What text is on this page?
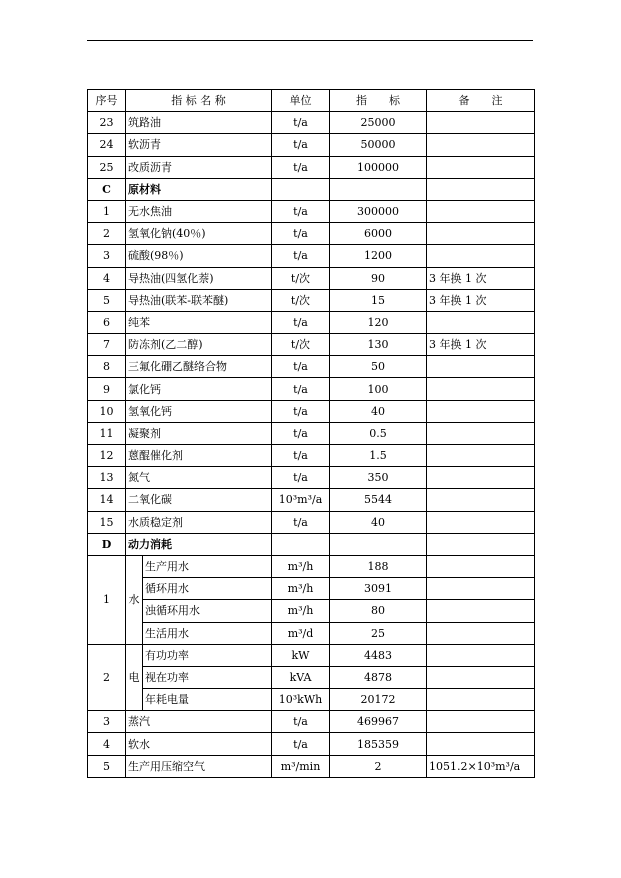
序号	指 标 名 称		单位	指　　标	备　　注
23	筑路油		t/a	25000	
24	软沥青		t/a	50000	
25	改质沥青		t/a	100000	
C	原材料				
1	无水焦油		t/a	300000	
2	氢氧化钠(40％)		t/a	6000	
3	硫酸(98％)		t/a	1200	
4	导热油(四氢化萘)		t/次	90	3 年换 1 次
5	导热油(联苯-联苯醚)		t/次	15	3 年换 1 次
6	纯苯		t/a	120	
7	防冻剂(乙二醇)		t/次	130	3 年换 1 次
8	三氟化硼乙醚络合物		t/a	50	
9	氯化钙		t/a	100	
10	氢氧化钙		t/a	40	
11	凝聚剂		t/a	0.5	
12	蒽醌催化剂		t/a	1.5	
13	氮气		t/a	350	
14	二氧化碳		10³m³/a	5544	
15	水质稳定剂		t/a	40	
D	动力消耗				
1	水	生产用水	m³/h	188	
		循环用水	m³/h	3091	
		浊循环用水	m³/h	80	
		生活用水	m³/d	25	
2	电	有功功率	kW	4483	
		视在功率	kVA	4878	
		年耗电量	10³kWh	20172	
3	蒸汽		t/a	469967	
4	软水		t/a	185359	
5	生产用压缩空气		m³/min	2	1051.2×10³m³/a
